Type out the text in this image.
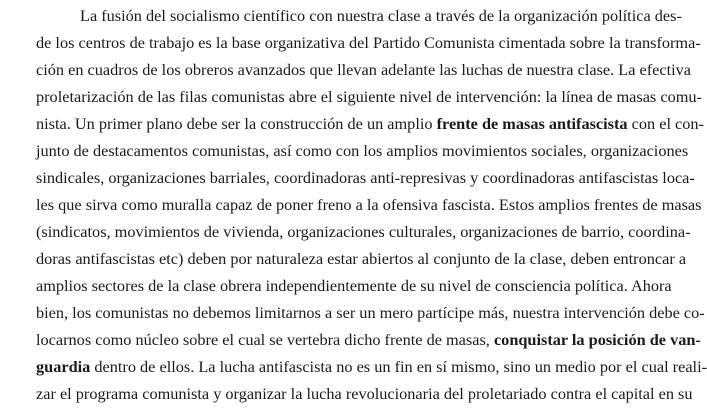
La fusión del socialismo científico con nuestra clase a través de la organización política des-
de los centros de trabajo es la base organizativa del Partido Comunista cimentada sobre la transforma-
ción en cuadros de los obreros avanzados que llevan adelante las luchas de nuestra clase. La efectiva
proletarización de las filas comunistas abre el siguiente nivel de intervención: la línea de masas comu-
nista. Un primer plano debe ser la construcción de un amplio frente de masas antifascista con el con-
junto de destacamentos comunistas, así como con los amplios movimientos sociales, organizaciones
sindicales, organizaciones barriales, coordinadoras anti-represivas y coordinadoras antifascistas loca-
les que sirva como muralla capaz de poner freno a la ofensiva fascista. Estos amplios frentes de masas
(sindicatos, movimientos de vivienda, organizaciones culturales, organizaciones de barrio, coordina-
doras antifascistas etc) deben por naturaleza estar abiertos al conjunto de la clase, deben entroncar a
amplios sectores de la clase obrera independientemente de su nivel de consciencia política. Ahora
bien, los comunistas no debemos limitarnos a ser un mero partícipe más, nuestra intervención debe co-
locarnos como núcleo sobre el cual se vertebra dicho frente de masas, conquistar la posición de van-
guardia dentro de ellos. La lucha antifascista no es un fin en sí mismo, sino un medio por el cual reali-
zar el programa comunista y organizar la lucha revolucionaria del proletariado contra el capital en su
